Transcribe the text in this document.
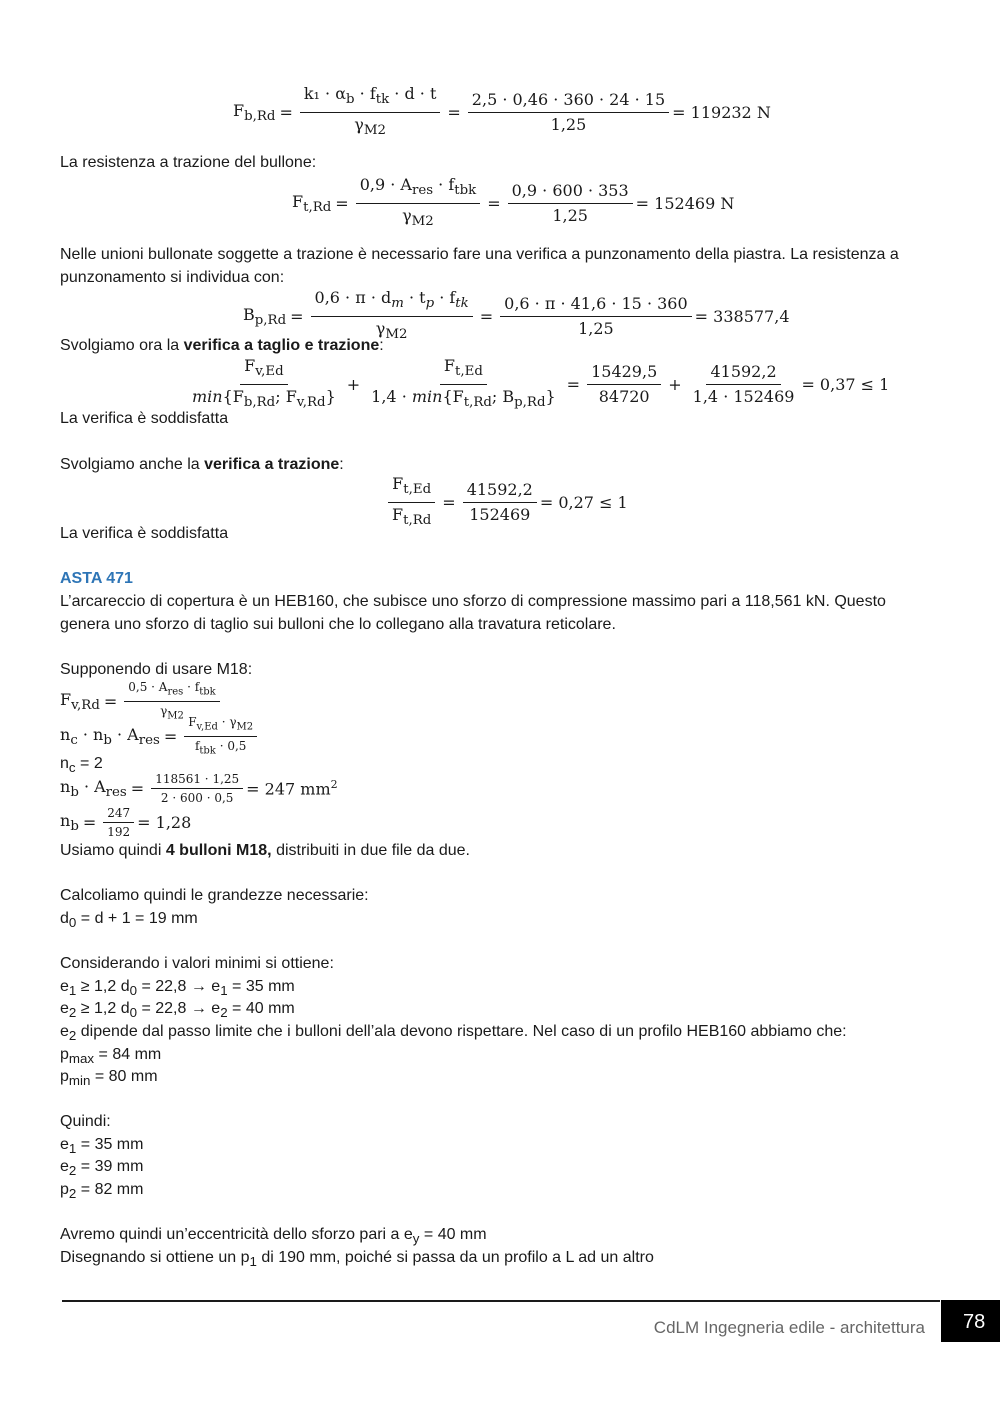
$F_{b,Rd} = \frac{k_1 \cdot \alpha_b \cdot f_{tk} \cdot d \cdot t}{\gamma_{M2}} = \frac{2,5 \cdot 0,46 \cdot 360 \cdot 24 \cdot 15}{1,25} = 119232$ N
La resistenza a trazione del bullone:
$F_{t,Rd} = \frac{0,9 \cdot A_{res} \cdot f_{tbk}}{\gamma_{M2}} = \frac{0,9 \cdot 600 \cdot 353}{1,25} = 152469$ N
Nelle unioni bullonate soggette a trazione è necessario fare una verifica a punzonamento della piastra. La resistenza a
punzonamento si individua con:
$B_{p,Rd} = \frac{0,6 \cdot \pi \cdot d_m \cdot t_p \cdot f_{tk}}{\gamma_{M2}} = \frac{0,6 \cdot \pi \cdot 41,6 \cdot 15 \cdot 360}{1,25} = 338577,4$
Svolgiamo ora la verifica a taglio e trazione:
$\frac{F_{v,Ed}}{\min\{F_{b,Rd}; F_{v,Rd}\}} + \frac{F_{t,Ed}}{1,4 \cdot \min\{F_{t,Rd}; B_{p,Rd}\}} = \frac{15429,5}{84720} + \frac{41592,2}{1,4 \cdot 152469} = 0,37 \le 1$
La verifica è soddisfatta
Svolgiamo anche la verifica a trazione:
$\frac{F_{t,Ed}}{F_{t,Rd}} = \frac{41592,2}{152469} = 0,27 \le 1$
La verifica è soddisfatta
ASTA 471
L’arcareccio di copertura è un HEB160, che subisce uno sforzo di compressione massimo pari a 118,561 kN. Questo
genera uno sforzo di taglio sui bulloni che lo collegano alla travatura reticolare.
Supponendo di usare M18:
$F_{v,Rd} = \frac{0,5 \cdot A_{res} \cdot f_{tbk}}{\gamma_{M2}}$
$n_c \cdot n_b \cdot A_{res} = \frac{F_{v,Ed} \cdot \gamma_{M2}}{f_{tbk} \cdot 0,5}$
$n_c = 2$
$n_b \cdot A_{res} = \frac{118561 \cdot 1,25}{2 \cdot 600 \cdot 0,5} = 247$ $mm^2$
$n_b = \frac{247}{192} = 1,28$
Usiamo quindi 4 bulloni M18, distribuiti in due file da due.
Calcoliamo quindi le grandezze necessarie:
$d_0 = d + 1 = 19$ mm
Considerando i valori minimi si ottiene:
$e_1 \ge 1,2$ $d_0 = 22,8 \to e_1 = 35$ mm
$e_2 \ge 1,2$ $d_0 = 22,8 \to e_2 = 40$ mm
$e_2$ dipende dal passo limite che i bulloni dell’ala devono rispettare. Nel caso di un profilo HEB160 abbiamo che:
$p_{max} = 84$ mm
$p_{min} = 80$ mm
Quindi:
$e_1 = 35$ mm
$e_2 = 39$ mm
$p_2 = 82$ mm
Avremo quindi un’eccentricità dello sforzo pari a $e_y = 40$ mm
Disegnando si ottiene un $p_1$ di 190 mm, poiché si passa da un profilo a L ad un altro
CdLM Ingegneria edile - architettura 78
